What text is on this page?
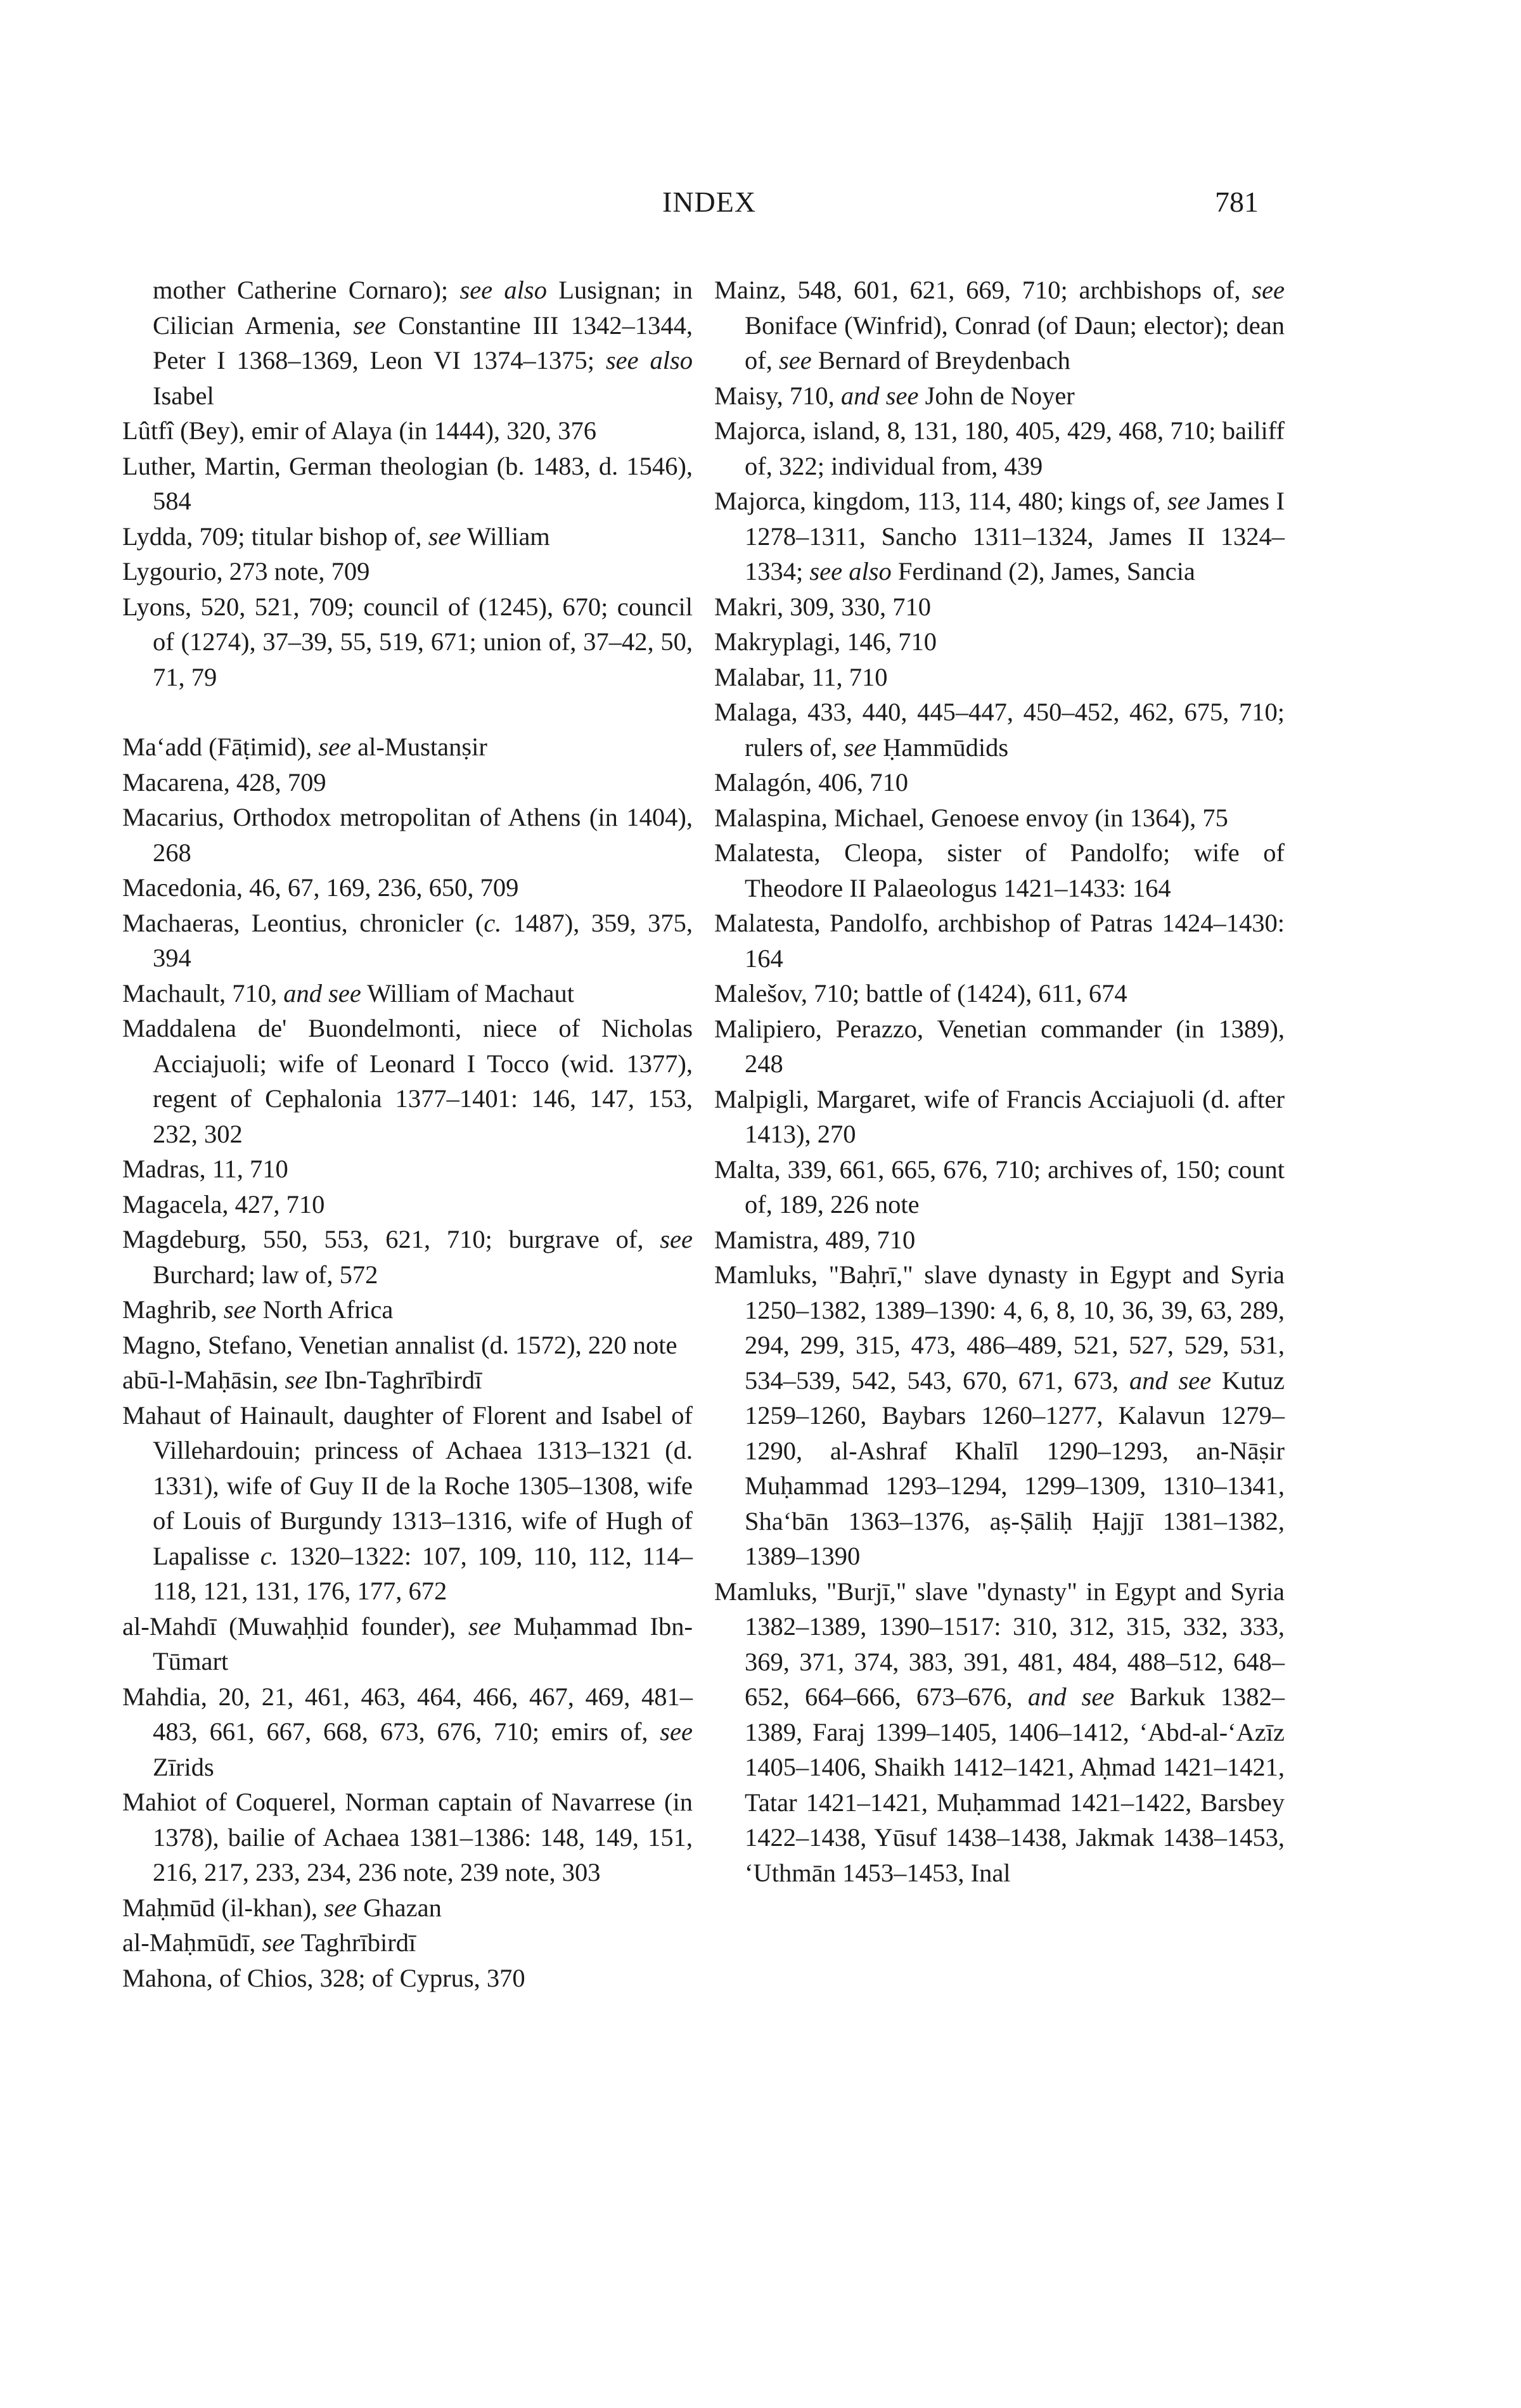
INDEX	781

mother Catherine Cornaro); see also Lusignan; in Cilician Armenia, see Constantine III 1342–1344, Peter I 1368–1369, Leon VI 1374–1375; see also Isabel

Lûtfî (Bey), emir of Alaya (in 1444), 320, 376

Luther, Martin, German theologian (b. 1483, d. 1546), 584

Lydda, 709; titular bishop of, see William

Lygourio, 273 note, 709

Lyons, 520, 521, 709; council of (1245), 670; council of (1274), 37–39, 55, 519, 671; union of, 37–42, 50, 71, 79

Maʻadd (Fāṭimid), see al-Mustanṣir

Macarena, 428, 709

Macarius, Orthodox metropolitan of Athens (in 1404), 268

Macedonia, 46, 67, 169, 236, 650, 709

Machaeras, Leontius, chronicler (c. 1487), 359, 375, 394

Machault, 710, and see William of Machaut

Maddalena de' Buondelmonti, niece of Nicholas Acciajuoli; wife of Leonard I Tocco (wid. 1377), regent of Cephalonia 1377–1401: 146, 147, 153, 232, 302

Madras, 11, 710

Magacela, 427, 710

Magdeburg, 550, 553, 621, 710; burgrave of, see Burchard; law of, 572

Maghrib, see North Africa

Magno, Stefano, Venetian annalist (d. 1572), 220 note

abū-l-Maḥāsin, see Ibn-Taghrībirdī

Mahaut of Hainault, daughter of Florent and Isabel of Villehardouin; princess of Achaea 1313–1321 (d. 1331), wife of Guy II de la Roche 1305–1308, wife of Louis of Burgundy 1313–1316, wife of Hugh of Lapalisse c. 1320–1322: 107, 109, 110, 112, 114–118, 121, 131, 176, 177, 672

al-Mahdī (Muwaḥḥid founder), see Muḥammad Ibn-Tūmart

Mahdia, 20, 21, 461, 463, 464, 466, 467, 469, 481–483, 661, 667, 668, 673, 676, 710; emirs of, see Zīrids

Mahiot of Coquerel, Norman captain of Navarrese (in 1378), bailie of Achaea 1381–1386: 148, 149, 151, 216, 217, 233, 234, 236 note, 239 note, 303

Maḥmūd (il-khan), see Ghazan

al-Maḥmūdī, see Taghrībirdī

Mahona, of Chios, 328; of Cyprus, 370

Mainz, 548, 601, 621, 669, 710; archbishops of, see Boniface (Winfrid), Conrad (of Daun; elector); dean of, see Bernard of Breydenbach

Maisy, 710, and see John de Noyer

Majorca, island, 8, 131, 180, 405, 429, 468, 710; bailiff of, 322; individual from, 439

Majorca, kingdom, 113, 114, 480; kings of, see James I 1278–1311, Sancho 1311–1324, James II 1324–1334; see also Ferdinand (2), James, Sancia

Makri, 309, 330, 710

Makryplagi, 146, 710

Malabar, 11, 710

Malaga, 433, 440, 445–447, 450–452, 462, 675, 710; rulers of, see Ḥammūdids

Malagón, 406, 710

Malaspina, Michael, Genoese envoy (in 1364), 75

Malatesta, Cleopa, sister of Pandolfo; wife of Theodore II Palaeologus 1421–1433: 164

Malatesta, Pandolfo, archbishop of Patras 1424–1430: 164

Malešov, 710; battle of (1424), 611, 674

Malipiero, Perazzo, Venetian commander (in 1389), 248

Malpigli, Margaret, wife of Francis Acciajuoli (d. after 1413), 270

Malta, 339, 661, 665, 676, 710; archives of, 150; count of, 189, 226 note

Mamistra, 489, 710

Mamluks, "Baḥrī," slave dynasty in Egypt and Syria 1250–1382, 1389–1390: 4, 6, 8, 10, 36, 39, 63, 289, 294, 299, 315, 473, 486–489, 521, 527, 529, 531, 534–539, 542, 543, 670, 671, 673, and see Kutuz 1259–1260, Baybars 1260–1277, Kalavun 1279–1290, al-Ashraf Khalīl 1290–1293, an-Nāṣir Muḥammad 1293–1294, 1299–1309, 1310–1341, Shaʻbān 1363–1376, aṣ-Ṣāliḥ Ḥajjī 1381–1382, 1389–1390

Mamluks, "Burjī," slave "dynasty" in Egypt and Syria 1382–1389, 1390–1517: 310, 312, 315, 332, 333, 369, 371, 374, 383, 391, 481, 484, 488–512, 648–652, 664–666, 673–676, and see Barkuk 1382–1389, Faraj 1399–1405, 1406–1412, ʻAbd-al-ʻAzīz 1405–1406, Shaikh 1412–1421, Aḥmad 1421–1421, Tatar 1421–1421, Muḥammad 1421–1422, Barsbey 1422–1438, Yūsuf 1438–1438, Jakmak 1438–1453, ʻUthmān 1453–1453, Inal
